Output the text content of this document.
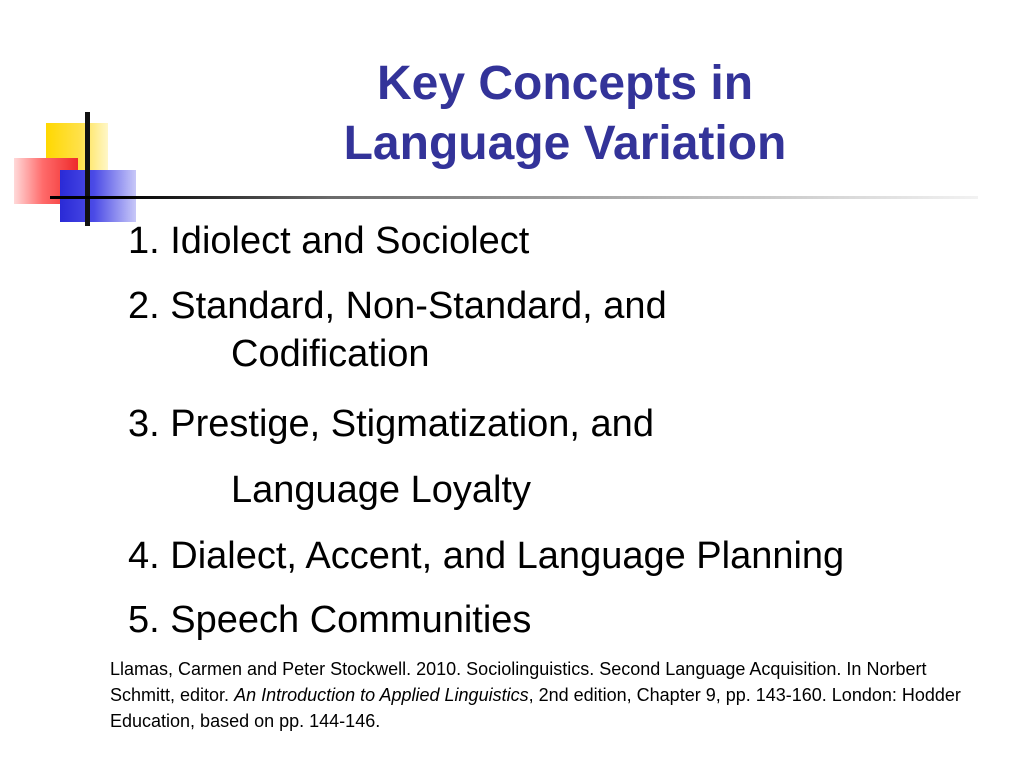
Key Concepts in
Language Variation
1. Idiolect and Sociolect
2. Standard, Non-Standard, and
Codification
3. Prestige, Stigmatization, and
Language Loyalty
4. Dialect, Accent, and Language Planning
5. Speech Communities

Llamas, Carmen and Peter Stockwell. 2010. Sociolinguistics. Second Language Acquisition. In Norbert Schmitt, editor. An Introduction to Applied Linguistics, 2nd edition, Chapter 9, pp. 143-160. London: Hodder Education, based on pp. 144-146.
